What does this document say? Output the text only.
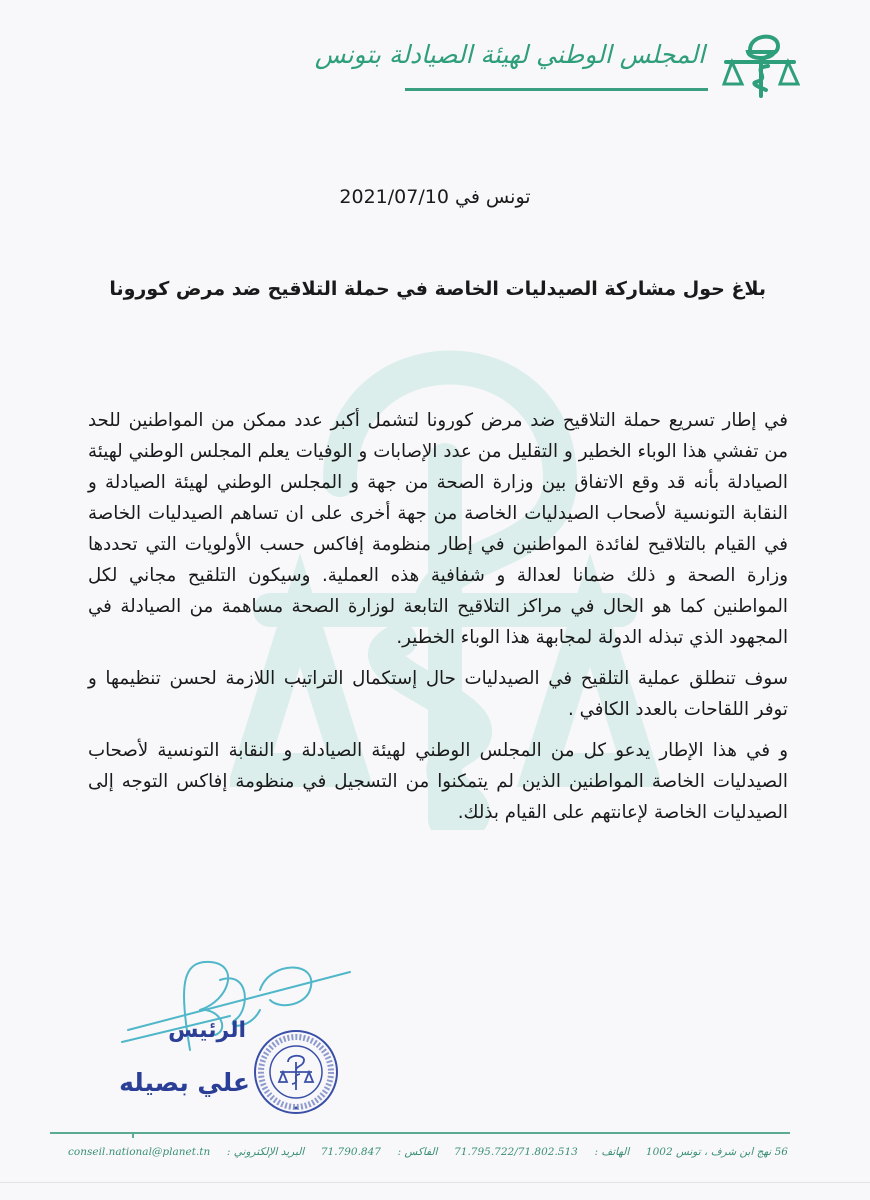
المجلس الوطني لهيئة الصيادلة بتونس
تونس في 2021/07/10
بلاغ حول مشاركة الصيدليات الخاصة في حملة التلاقيح ضد مرض كورونا

في إطار تسريع حملة التلاقيح ضد مرض كورونا لتشمل أكبر عدد ممكن من المواطنين للحد من تفشي هذا الوباء الخطير و التقليل من عدد الإصابات و الوفيات يعلم المجلس الوطني لهيئة الصيادلة بأنه قد وقع الاتفاق بين وزارة الصحة من جهة و المجلس الوطني لهيئة الصيادلة و النقابة التونسية لأصحاب الصيدليات الخاصة من جهة أخرى على ان تساهم الصيدليات الخاصة في القيام بالتلاقيح لفائدة المواطنين في إطار منظومة إفاكس حسب الأولويات التي تحددها وزارة الصحة و ذلك ضمانا لعدالة و شفافية هذه العملية. وسيكون التلقيح مجاني لكل المواطنين كما هو الحال في مراكز التلاقيح التابعة لوزارة الصحة مساهمة من الصيادلة في المجهود الذي تبذله الدولة لمجابهة هذا الوباء الخطير.

سوف تنطلق عملية التلقيح في الصيدليات حال إستكمال التراتيب اللازمة لحسن تنظيمها و توفر اللقاحات بالعدد الكافي .

و في هذا الإطار يدعو كل من المجلس الوطني لهيئة الصيادلة و النقابة التونسية لأصحاب الصيدليات الخاصة المواطنين الذين لم يتمكنوا من التسجيل في منظومة إفاكس التوجه إلى الصيدليات الخاصة لإعانتهم على القيام بذلك.

الرئيس
علي بصيله
conseil.national@planet.tn البريد الإلكتروني : 71.790.847 الفاكس : 71.795.722/71.802.513 الهاتف : 56 نهج ابن شرف ، تونس 1002
